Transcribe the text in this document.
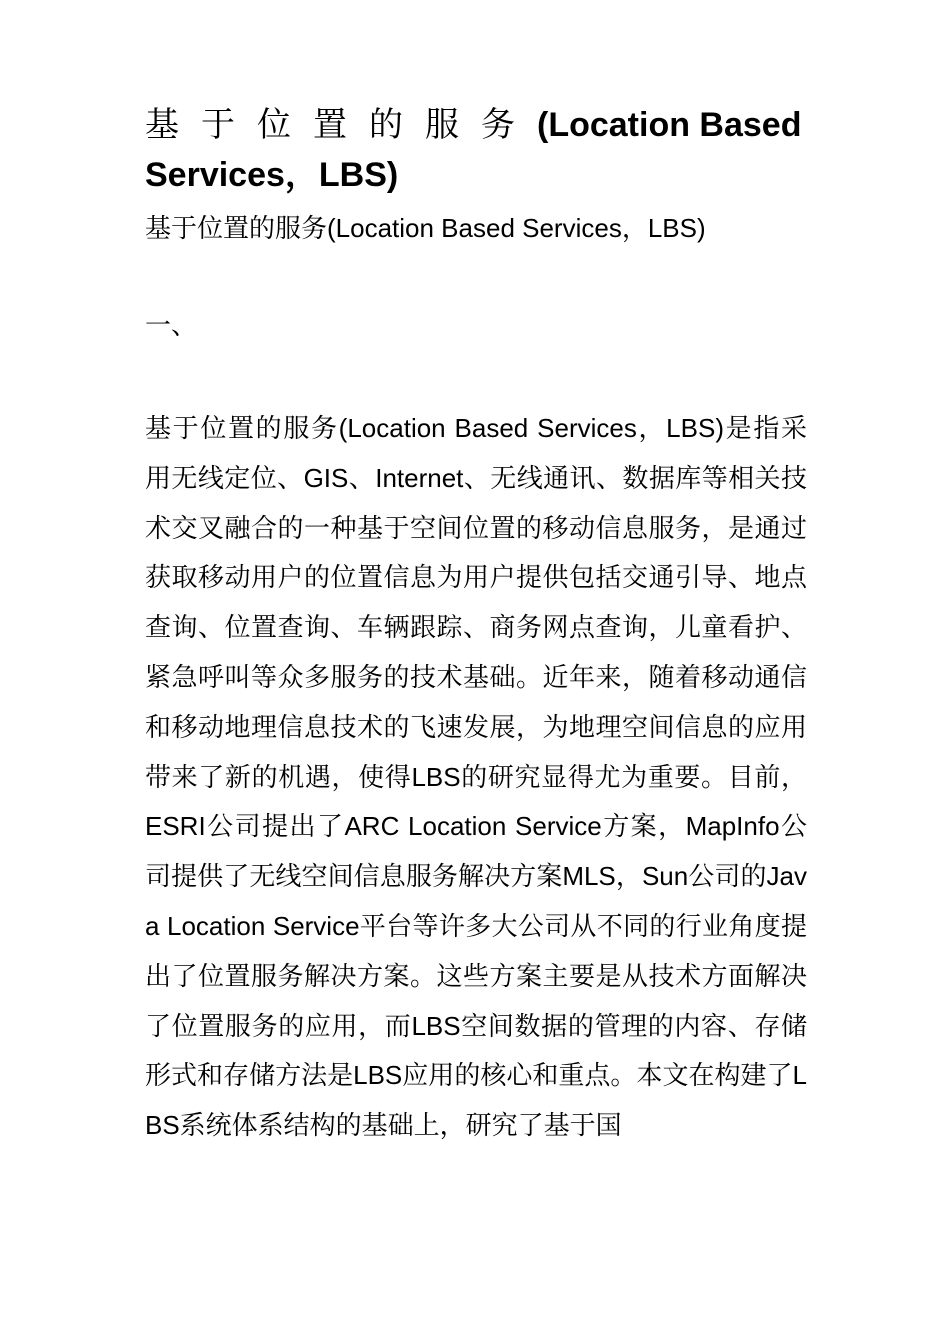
基于位置的服务(Location Based
Services，LBS)

基于位置的服务(Location Based Services，LBS)

一、

基于位置的服务(Location Based Services，LBS)是指采用无线定位、GIS、Internet、无线通讯、数据库等相关技术交叉融合的一种基于空间位置的移动信息服务，是通过获取移动用户的位置信息为用户提供包括交通引导、地点查询、位置查询、车辆跟踪、商务网点查询，儿童看护、紧急呼叫等众多服务的技术基础。近年来，随着移动通信和移动地理信息技术的飞速发展，为地理空间信息的应用带来了新的机遇，使得LBS的研究显得尤为重要。目前，ESRI公司提出了ARC Location Service方案，MapInfo公司提供了无线空间信息服务解决方案MLS，Sun公司的Java Location Service平台等许多大公司从不同的行业角度提出了位置服务解决方案。这些方案主要是从技术方面解决了位置服务的应用，而LBS空间数据的管理的内容、存储形式和存储方法是LBS应用的核心和重点。本文在构建了LBS系统体系结构的基础上，研究了基于国
